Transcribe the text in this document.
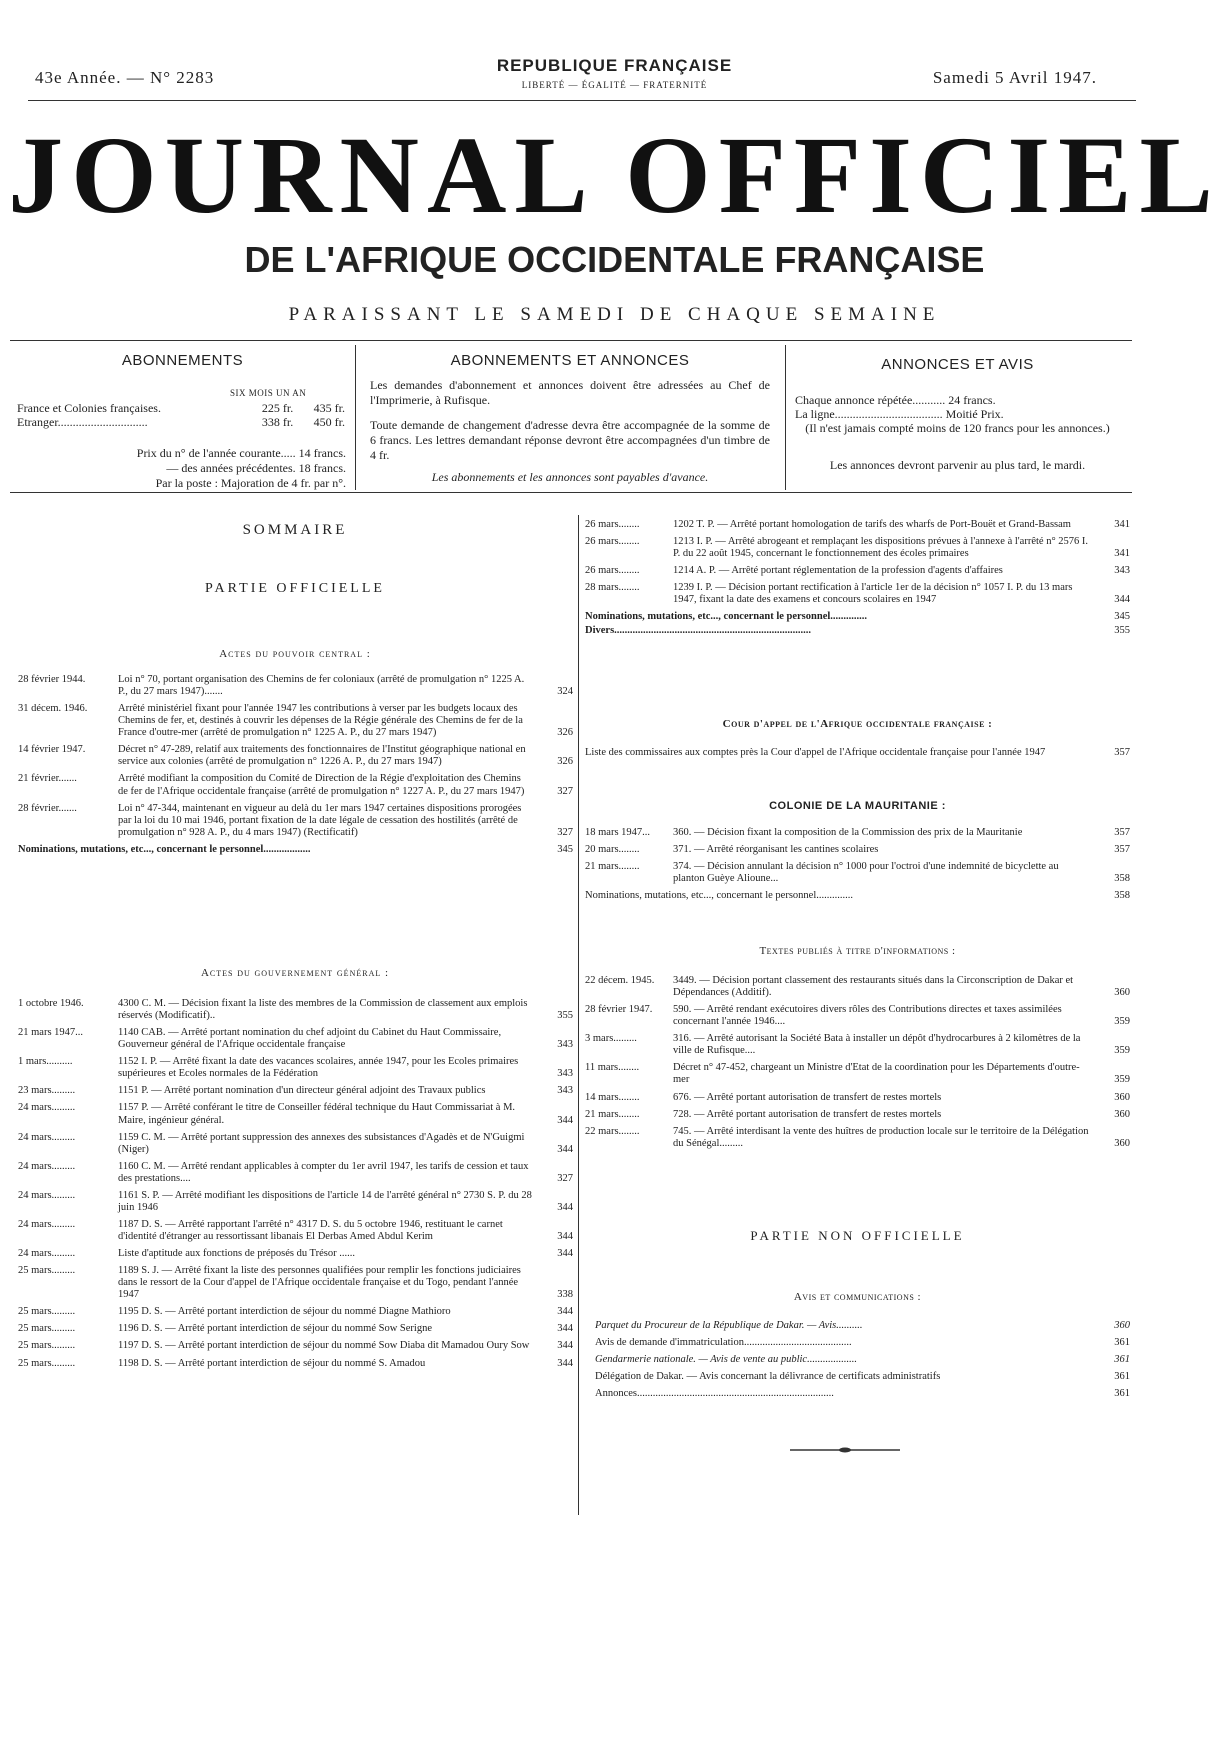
43e Année. — N° 2283
REPUBLIQUE FRANÇAISE
LIBERTÉ — ÉGALITÉ — FRATERNITÉ	Samedi 5 Avril 1947.
JOURNAL OFFICIEL
DE L'AFRIQUE OCCIDENTALE FRANÇAISE
PARAISSANT LE SAMEDI DE CHAQUE SEMAINE
ABONNEMENTS
SIX MOIS UN AN
France et Colonies françaises.	225 fr.	435 fr.
Etranger..............................	338 fr.	450 fr.
Prix du n° de l'année courante..... 14 francs.
— des années précédentes. 18 francs.
Par la poste : Majoration de 4 fr. par n°.
ABONNEMENTS ET ANNONCES
Les demandes d'abonnement et annonces doivent être adressées au Chef de l'Imprimerie, à Rufisque.
Toute demande de changement d'adresse devra être accompagnée de la somme de 6 francs. Les lettres demandant réponse devront être accompagnées d'un timbre de 4 fr.
Les abonnements et les annonces sont payables d'avance.
ANNONCES ET AVIS
Chaque annonce répétée........... 24 francs.
La ligne.................................... Moitié Prix.
(Il n'est jamais compté moins de 120 francs pour les annonces.)
Les annonces devront parvenir au plus tard, le mardi.
SOMMAIRE
PARTIE OFFICIELLE
Actes du pouvoir central :
28 février 1944.	Loi n° 70, portant organisation des Chemins de fer coloniaux (arrêté de promulgation n° 1225 A. P., du 27 mars 1947).......	324
31 décem. 1946.	Arrêté ministériel fixant pour l'année 1947 les contributions à verser par les budgets locaux des Chemins de fer, et, destinés à couvrir les dépenses de la Régie générale des Chemins de fer de la France d'outre-mer (arrêté de promulgation n° 1225 A. P., du 27 mars 1947)	326
14 février 1947.	Décret n° 47-289, relatif aux traitements des fonctionnaires de l'Institut géographique national en service aux colonies (arrêté de promulgation n° 1226 A. P., du 27 mars 1947)	326
21 février.......	Arrêté modifiant la composition du Comité de Direction de la Régie d'exploitation des Chemins de fer de l'Afrique occidentale française (arrêté de promulgation n° 1227 A. P., du 27 mars 1947)	327
28 février.......	Loi n° 47-344, maintenant en vigueur au delà du 1er mars 1947 certaines dispositions prorogées par la loi du 10 mai 1946, portant fixation de la date légale de cessation des hostilités (arrêté de promulgation n° 928 A. P., du 4 mars 1947) (Rectificatif)	327
Nominations, mutations, etc..., concernant le personnel..................	345
Actes du gouvernement général :
1 octobre 1946.	4300 C. M. — Décision fixant la liste des membres de la Commission de classement aux emplois réservés (Modificatif)..	355
21 mars 1947...	1140 CAB. — Arrêté portant nomination du chef adjoint du Cabinet du Haut Commissaire, Gouverneur général de l'Afrique occidentale française	343
1 mars..........	1152 I. P. — Arrêté fixant la date des vacances scolaires, année 1947, pour les Ecoles primaires supérieures et Ecoles normales de la Fédération	343
23 mars.........	1151 P. — Arrêté portant nomination d'un directeur général adjoint des Travaux publics	343
24 mars.........	1157 P. — Arrêté conférant le titre de Conseiller fédéral technique du Haut Commissariat à M. Maire, ingénieur général.	344
24 mars.........	1159 C. M. — Arrêté portant suppression des annexes des subsistances d'Agadès et de N'Guigmi (Niger)	344
24 mars.........	1160 C. M. — Arrêté rendant applicables à compter du 1er avril 1947, les tarifs de cession et taux des prestations....	327
24 mars.........	1161 S. P. — Arrêté modifiant les dispositions de l'article 14 de l'arrêté général n° 2730 S. P. du 28 juin 1946	344
24 mars.........	1187 D. S. — Arrêté rapportant l'arrêté n° 4317 D. S. du 5 octobre 1946, restituant le carnet d'identité d'étranger au ressortissant libanais El Derbas Amed Abdul Kerim	344
24 mars.........	Liste d'aptitude aux fonctions de préposés du Trésor ......	344
25 mars.........	1189 S. J. — Arrêté fixant la liste des personnes qualifiées pour remplir les fonctions judiciaires dans le ressort de la Cour d'appel de l'Afrique occidentale française et du Togo, pendant l'année 1947	338
25 mars.........	1195 D. S. — Arrêté portant interdiction de séjour du nommé Diagne Mathioro	344
25 mars.........	1196 D. S. — Arrêté portant interdiction de séjour du nommé Sow Serigne	344
25 mars.........	1197 D. S. — Arrêté portant interdiction de séjour du nommé Sow Diaba dit Mamadou Oury Sow	344
25 mars.........	1198 D. S. — Arrêté portant interdiction de séjour du nommé S. Amadou	344
26 mars........	1202 T. P. — Arrêté portant homologation de tarifs des wharfs de Port-Bouët et Grand-Bassam	341
26 mars........	1213 I. P. — Arrêté abrogeant et remplaçant les dispositions prévues à l'annexe à l'arrêté n° 2576 I. P. du 22 août 1945, concernant le fonctionnement des écoles primaires	341
26 mars........	1214 A. P. — Arrêté portant réglementation de la profession d'agents d'affaires	343
28 mars........	1239 I. P. — Décision portant rectification à l'article 1er de la décision n° 1057 I. P. du 13 mars 1947, fixant la date des examens et concours scolaires en 1947	344
Nominations, mutations, etc..., concernant le personnel..............	345
Divers...........................................................................	355
Cour d'appel de l'Afrique occidentale française :
Liste des commissaires aux comptes près la Cour d'appel de l'Afrique occidentale française pour l'année 1947	357
COLONIE DE LA MAURITANIE :
18 mars 1947...	360. — Décision fixant la composition de la Commission des prix de la Mauritanie	357
20 mars........	371. — Arrêté réorganisant les cantines scolaires	357
21 mars........	374. — Décision annulant la décision n° 1000 pour l'octroi d'une indemnité de bicyclette au planton Guèye Alioune...	358
Nominations, mutations, etc..., concernant le personnel..............	358
Textes publiés à titre d'informations :
22 décem. 1945.	3449. — Décision portant classement des restaurants situés dans la Circonscription de Dakar et Dépendances (Additif).	360
28 février 1947.	590. — Arrêté rendant exécutoires divers rôles des Contributions directes et taxes assimilées concernant l'année 1946....	359
3 mars.........	316. — Arrêté autorisant la Société Bata à installer un dépôt d'hydrocarbures à 2 kilomètres de la ville de Rufisque....	359
11 mars........	Décret n° 47-452, chargeant un Ministre d'Etat de la coordination pour les Départements d'outre-mer	359
14 mars........	676. — Arrêté portant autorisation de transfert de restes mortels	360
21 mars........	728. — Arrêté portant autorisation de transfert de restes mortels	360
22 mars........	745. — Arrêté interdisant la vente des huîtres de production locale sur le territoire de la Délégation du Sénégal.........	360
PARTIE NON OFFICIELLE
Avis et communications :
Parquet du Procureur de la République de Dakar. — Avis..........	360
Avis de demande d'immatriculation.........................................	361
Gendarmerie nationale. — Avis de vente au public...................	361
Délégation de Dakar. — Avis concernant la délivrance de certificats administratifs	361
Annonces...........................................................................	361
